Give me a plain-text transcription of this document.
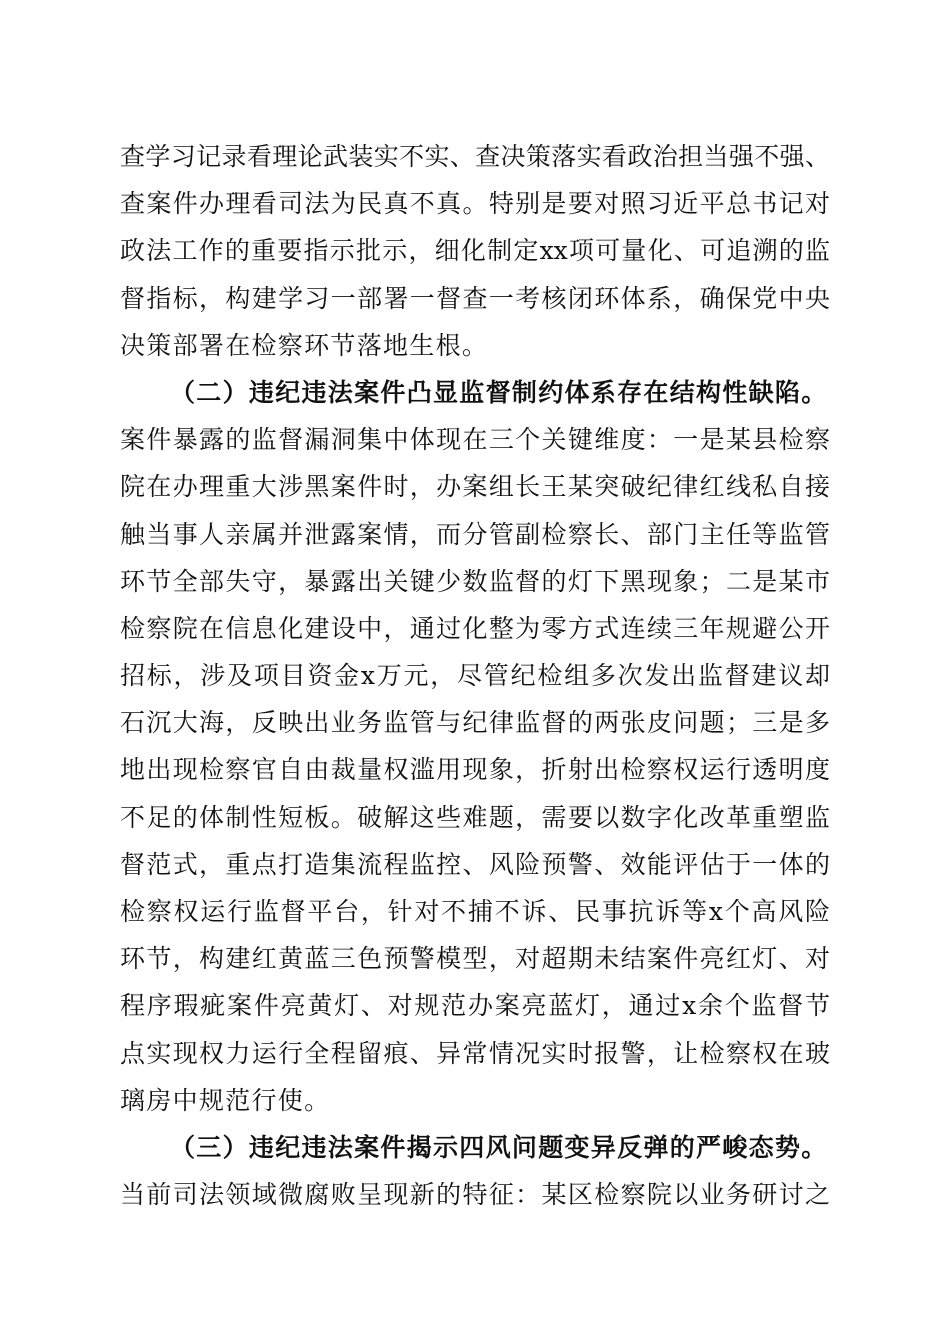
查学习记录看理论武装实不实、查决策落实看政治担当强不强、
查案件办理看司法为民真不真。特别是要对照习近平总书记对
政法工作的重要指示批示，细化制定xx项可量化、可追溯的监
督指标，构建学习一部署一督查一考核闭环体系，确保党中央
决策部署在检察环节落地生根。
（二）违纪违法案件凸显监督制约体系存在结构性缺陷。
案件暴露的监督漏洞集中体现在三个关键维度：一是某县检察
院在办理重大涉黑案件时，办案组长王某突破纪律红线私自接
触当事人亲属并泄露案情，而分管副检察长、部门主任等监管
环节全部失守，暴露出关键少数监督的灯下黑现象；二是某市
检察院在信息化建设中，通过化整为零方式连续三年规避公开
招标，涉及项目资金x万元，尽管纪检组多次发出监督建议却
石沉大海，反映出业务监管与纪律监督的两张皮问题；三是多
地出现检察官自由裁量权滥用现象，折射出检察权运行透明度
不足的体制性短板。破解这些难题，需要以数字化改革重塑监
督范式，重点打造集流程监控、风险预警、效能评估于一体的
检察权运行监督平台，针对不捕不诉、民事抗诉等x个高风险
环节，构建红黄蓝三色预警模型，对超期未结案件亮红灯、对
程序瑕疵案件亮黄灯、对规范办案亮蓝灯，通过x余个监督节
点实现权力运行全程留痕、异常情况实时报警，让检察权在玻
璃房中规范行使。
（三）违纪违法案件揭示四风问题变异反弹的严峻态势。
当前司法领域微腐败呈现新的特征：某区检察院以业务研讨之
